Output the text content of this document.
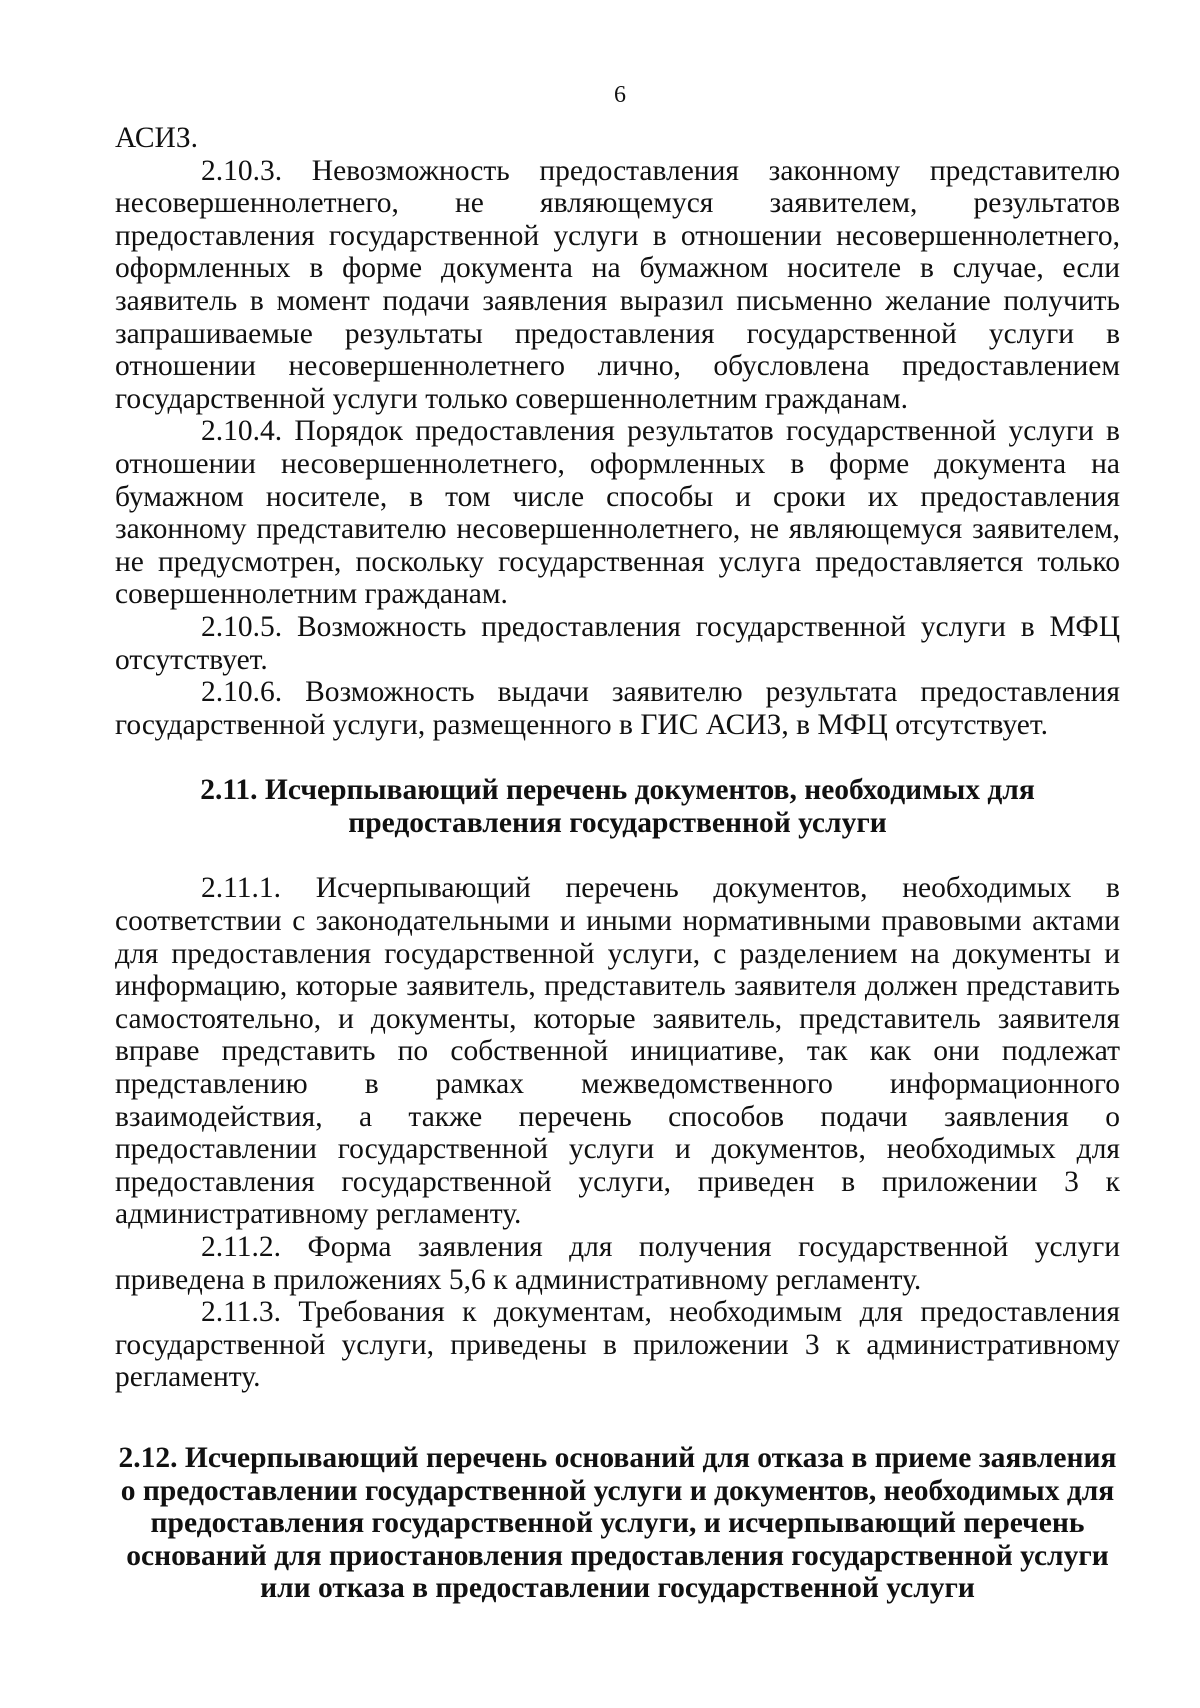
6

АСИЗ.

2.10.3. Невозможность предоставления законному представителю несовершеннолетнего, не являющемуся заявителем, результатов предоставления государственной услуги в отношении несовершеннолетнего, оформленных в форме документа на бумажном носителе в случае, если заявитель в момент подачи заявления выразил письменно желание получить запрашиваемые результаты предоставления государственной услуги в отношении несовершеннолетнего лично, обусловлена предоставлением государственной услуги только совершеннолетним гражданам.

2.10.4. Порядок предоставления результатов государственной услуги в отношении несовершеннолетнего, оформленных в форме документа на бумажном носителе, в том числе способы и сроки их предоставления законному представителю несовершеннолетнего, не являющемуся заявителем, не предусмотрен, поскольку государственная услуга предоставляется только совершеннолетним гражданам.

2.10.5. Возможность предоставления государственной услуги в МФЦ отсутствует.

2.10.6. Возможность выдачи заявителю результата предоставления государственной услуги, размещенного в ГИС АСИЗ, в МФЦ отсутствует.

2.11. Исчерпывающий перечень документов, необходимых для предоставления государственной услуги

2.11.1. Исчерпывающий перечень документов, необходимых в соответствии с законодательными и иными нормативными правовыми актами для предоставления государственной услуги, с разделением на документы и информацию, которые заявитель, представитель заявителя должен представить самостоятельно, и документы, которые заявитель, представитель заявителя вправе представить по собственной инициативе, так как они подлежат представлению в рамках межведомственного информационного взаимодействия, а также перечень способов подачи заявления о предоставлении государственной услуги и документов, необходимых для предоставления государственной услуги, приведен в приложении 3 к административному регламенту.

2.11.2. Форма заявления для получения государственной услуги приведена в приложениях 5,6 к административному регламенту.

2.11.3. Требования к документам, необходимым для предоставления государственной услуги, приведены в приложении 3 к административному регламенту.

2.12. Исчерпывающий перечень оснований для отказа в приеме заявления о предоставлении государственной услуги и документов, необходимых для предоставления государственной услуги, и исчерпывающий перечень оснований для приостановления предоставления государственной услуги или отказа в предоставлении государственной услуги
